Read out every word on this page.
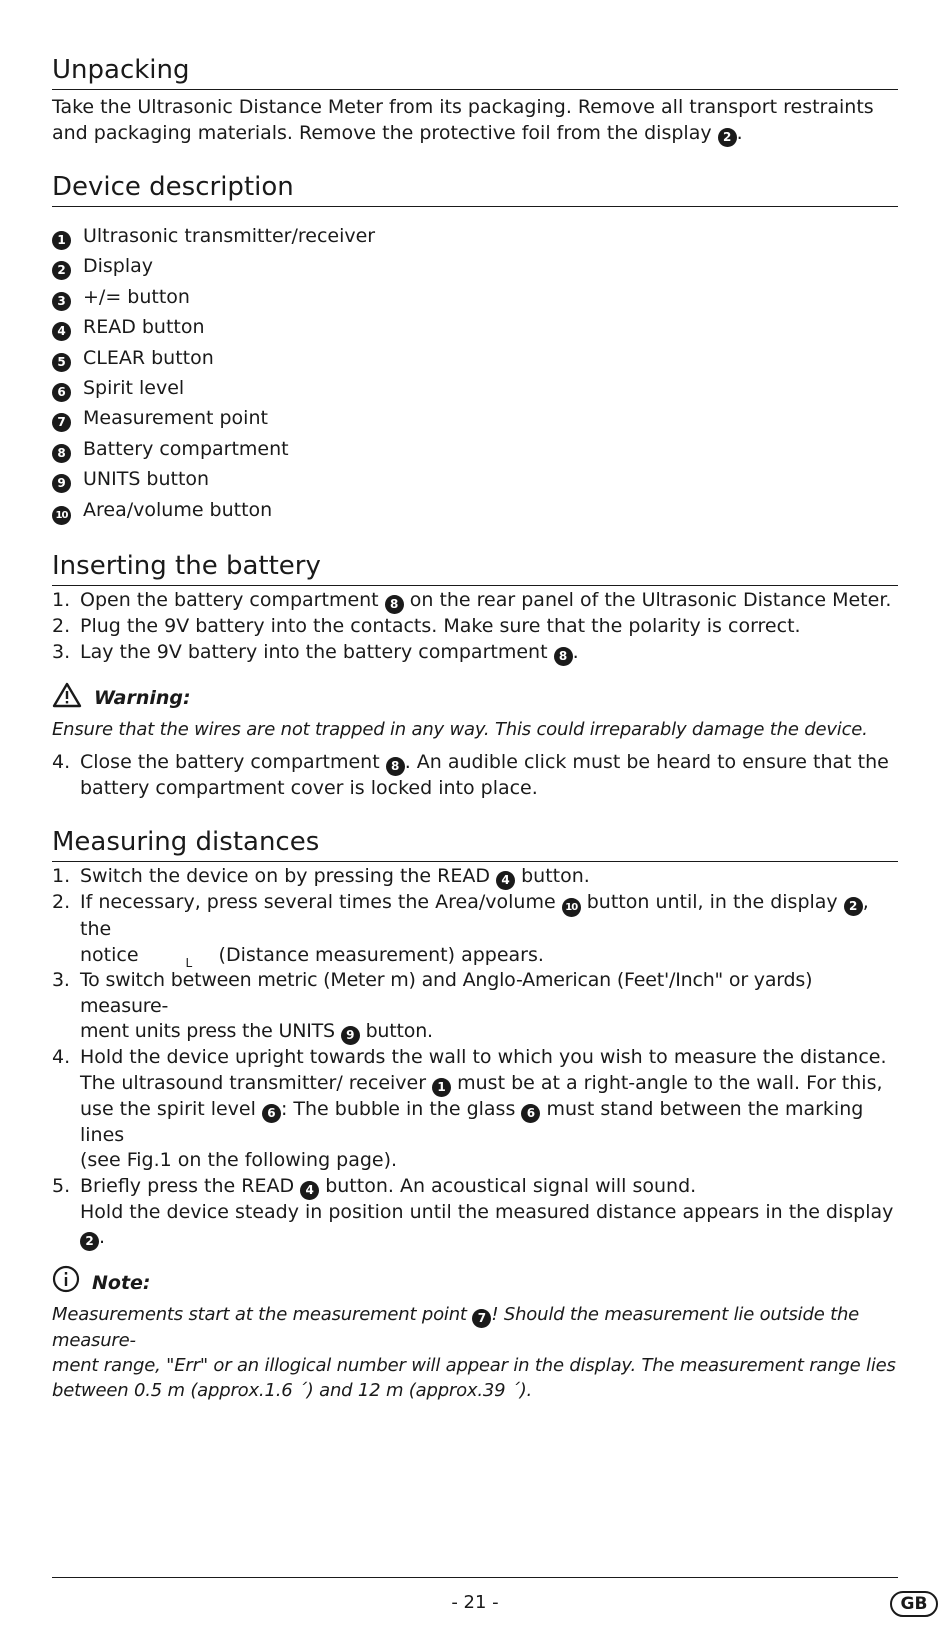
Unpacking

Take the Ultrasonic Distance Meter from its packaging. Remove all transport restraints and packaging materials. Remove the protective foil from the display 2 .

Device description
1 Ultrasonic transmitter/receiver
2 Display
3 +/= button
4 READ button
5 CLEAR button
6 Spirit level
7 Measurement point
8 Battery compartment
9 UNITS button
10 Area/volume button
Inserting the battery
1. Open the battery compartment 8 on the rear panel of the Ultrasonic Distance Meter.
2. Plug the 9V battery into the contacts. Make sure that the polarity is correct.
3. Lay the 9V battery into the battery compartment 8 .
Warning:
Ensure that the wires are not trapped in any way. This could irreparably damage the device.
4. Close the battery compartment 8 . An audible click must be heard to ensure that the
battery compartment cover is locked into place.
Measuring distances
1. Switch the device on by pressing the READ 4 button.
2. If necessary, press several times the Area/volume 10 button until, in the display 2 , the
notice	L (Distance measurement) appears.
3. To switch between metric (Meter m) and Anglo-American (Feet'/Inch" or yards) measure-
ment units press the UNITS 9 button.
4. Hold the device upright towards the wall to which you wish to measure the distance.
The ultrasound transmitter/ receiver 1 must be at a right-angle to the wall. For this,
use the spirit level 6 : The bubble in the glass 6 must stand between the marking lines
(see Fig.1 on the following page).
5. Briefly press the READ 4 button. An acoustical signal will sound.
Hold the device steady in position until the measured distance appears in the display 2 .
Note:
Measurements start at the measurement point 7 ! Should the measurement lie outside the measure-
ment range, "Err" or an illogical number will appear in the display. The measurement range lies
between 0.5 m (approx.1.6 ´) and 12 m (approx.39 ´).
- 21 -	GB
